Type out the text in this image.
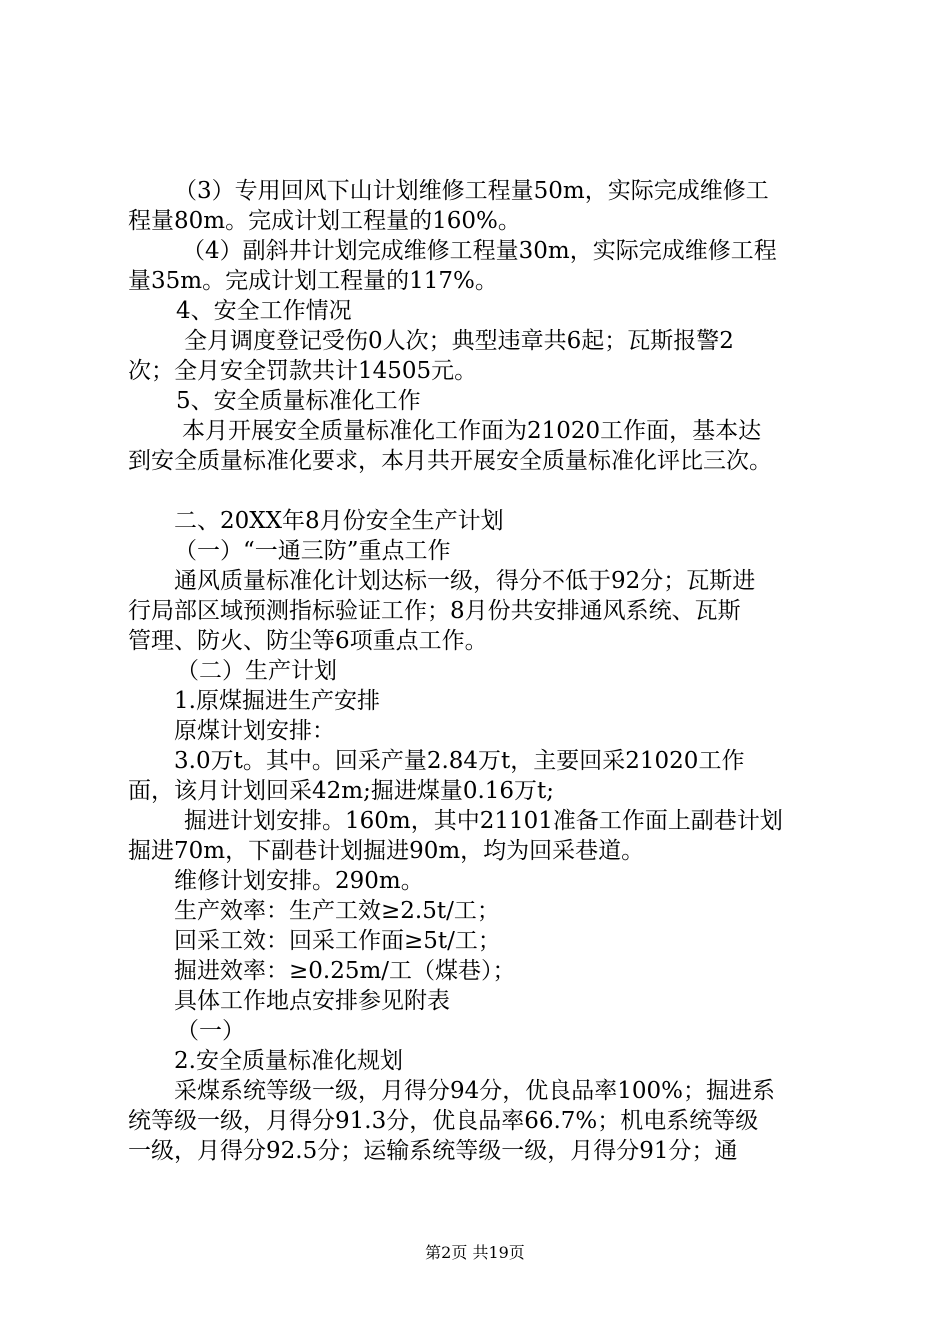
（3）专用回风下山计划维修工程量50m，实际完成维修工
程量80m。完成计划工程量的160%。
（4）副斜井计划完成维修工程量30m，实际完成维修工程
量35m。完成计划工程量的117%。
4、安全工作情况
全月调度登记受伤0人次；典型违章共6起；瓦斯报警2
次；全月安全罚款共计14505元。
5、安全质量标准化工作
本月开展安全质量标准化工作面为21020工作面，基本达
到安全质量标准化要求，本月共开展安全质量标准化评比三次。
二、20XX年8月份安全生产计划
（一）“一通三防”重点工作
通风质量标准化计划达标一级，得分不低于92分；瓦斯进
行局部区域预测指标验证工作；8月份共安排通风系统、瓦斯
管理、防火、防尘等6项重点工作。
（二）生产计划
1.原煤掘进生产安排
原煤计划安排：
3.0万t。其中。回采产量2.84万t，主要回采21020工作
面，该月计划回采42m;掘进煤量0.16万t;
掘进计划安排。160m，其中21101准备工作面上副巷计划
掘进70m，下副巷计划掘进90m，均为回采巷道。
维修计划安排。290m。
生产效率：生产工效≥2.5t/工；
回采工效：回采工作面≥5t/工；
掘进效率：≥0.25m/工（煤巷）；
具体工作地点安排参见附表
（一）
2.安全质量标准化规划
采煤系统等级一级，月得分94分，优良品率100%；掘进系
统等级一级，月得分91.3分，优良品率66.7%；机电系统等级
一级，月得分92.5分；运输系统等级一级，月得分91分；通
第2页 共19页
